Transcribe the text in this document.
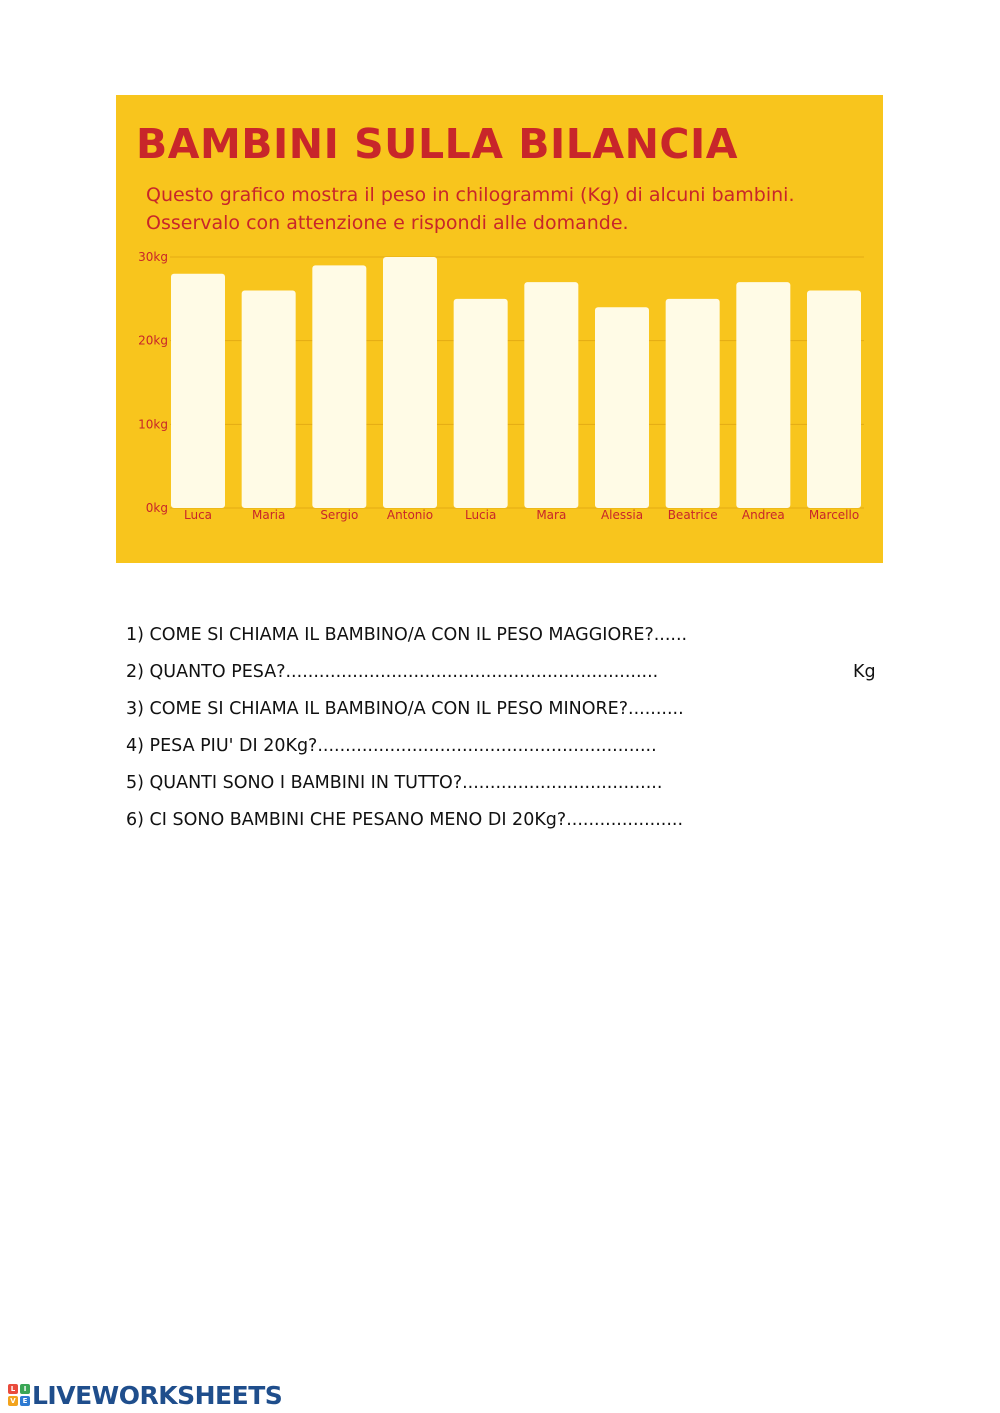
BAMBINI SULLA BILANCIA

Questo grafico mostra il peso in chilogrammi (Kg) di alcuni bambini. Osservalo con attenzione e rispondi alle domande.

0kg
10kg
20kg
30kg
Luca	Maria	Sergio Antonio	Lucia	Mara	Alessia Beatrice Andrea Marcello
1) COME SI CHIAMA IL BAMBINO/A CON IL PESO MAGGIORE?......
2) QUANTO PESA?...................................................................	Kg
3) COME SI CHIAMA IL BAMBINO/A CON IL PESO MINORE?..........
4) PESA PIU' DI 20Kg?.............................................................
5) QUANTI SONO I BAMBINI IN TUTTO?....................................
6) CI SONO BAMBINI CHE PESANO MENO DI 20Kg?.....................
L	I
V E LIVEWORKSHEETS
